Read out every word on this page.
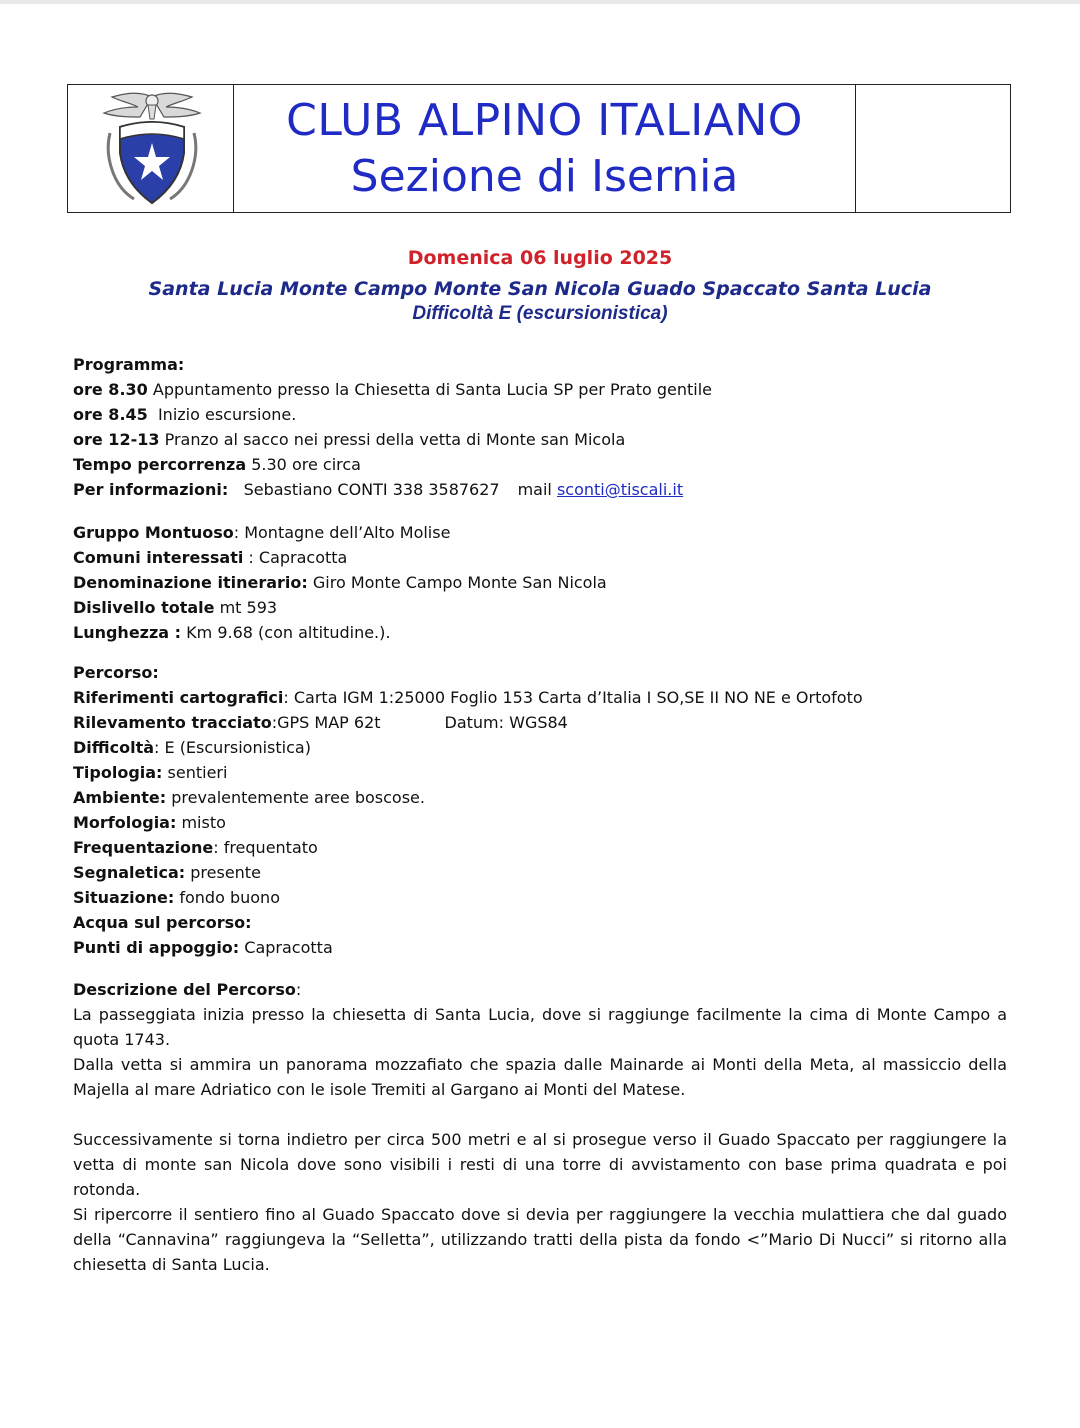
CLUB ALPINO ITALIANO
Sezione di Isernia
Domenica 06 luglio 2025
Santa Lucia Monte Campo Monte San Nicola Guado Spaccato Santa Lucia
Difficoltà E (escursionistica)
Programma:
ore 8.30 Appuntamento presso la Chiesetta di Santa Lucia SP per Prato gentile
ore 8.45 Inizio escursione.
ore 12-13 Pranzo al sacco nei pressi della vetta di Monte san Micola
Tempo percorrenza 5.30 ore circa
Per informazioni: Sebastiano CONTI 338 3587627 mail sconti@tiscali.it
Gruppo Montuoso: Montagne dell’Alto Molise
Comuni interessati : Capracotta
Denominazione itinerario: Giro Monte Campo Monte San Nicola
Dislivello totale mt 593
Lunghezza : Km 9.68 (con altitudine.).
Percorso:
Riferimenti cartografici: Carta IGM 1:25000 Foglio 153 Carta d’Italia I SO,SE II NO NE e Ortofoto
Rilevamento tracciato:GPS MAP 62t	Datum: WGS84
Difficoltà: E (Escursionistica)
Tipologia: sentieri
Ambiente: prevalentemente aree boscose.
Morfologia: misto
Frequentazione: frequentato
Segnaletica: presente
Situazione: fondo buono
Acqua sul percorso:
Punti di appoggio: Capracotta
Descrizione del Percorso:
La passeggiata inizia presso la chiesetta di Santa Lucia, dove si raggiunge facilmente la cima di Monte Campo a quota 1743.
Dalla vetta si ammira un panorama mozzafiato che spazia dalle Mainarde ai Monti della Meta, al massiccio della Majella al mare Adriatico con le isole Tremiti al Gargano ai Monti del Matese.
Successivamente si torna indietro per circa 500 metri e al si prosegue verso il Guado Spaccato per raggiungere la vetta di monte san Nicola dove sono visibili i resti di una torre di avvistamento con base prima quadrata e poi rotonda.
Si ripercorre il sentiero fino al Guado Spaccato dove si devia per raggiungere la vecchia mulattiera che dal guado della “Cannavina” raggiungeva la “Selletta”, utilizzando tratti della pista da fondo <”Mario Di Nucci” si ritorno alla chiesetta di Santa Lucia.
